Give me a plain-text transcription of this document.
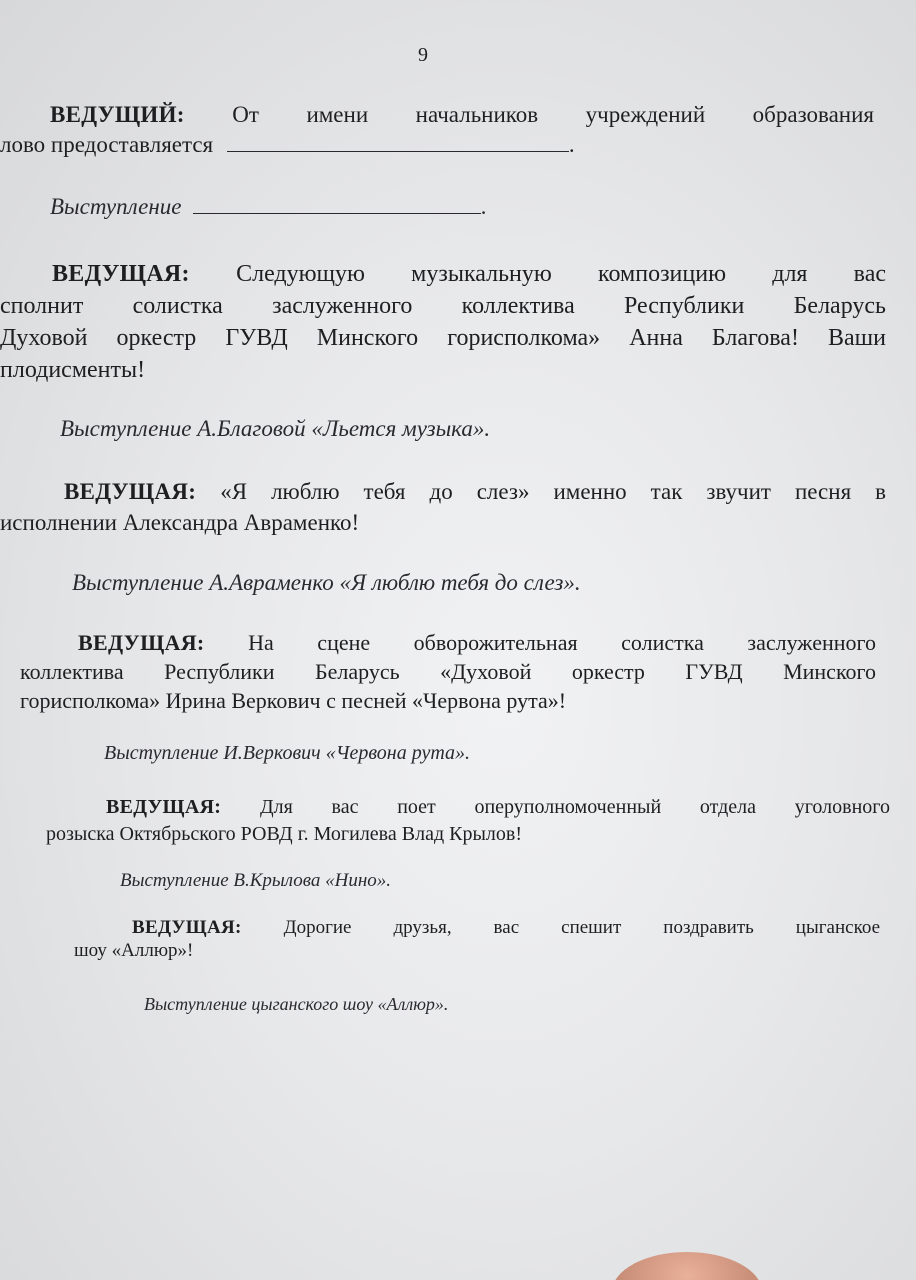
9
ВЕДУЩИЙ: От имени начальников учреждений образования
лово предоставляется	.
Выступление	.
ВЕДУЩАЯ: Следующую музыкальную композицию для вас
сполнит солистка заслуженного коллектива Республики Беларусь
Духовой оркестр ГУВД Минского горисполкома» Анна Благова! Ваши
плодисменты!
Выступление А.Благовой «Льется музыка».
ВЕДУЩАЯ: «Я люблю тебя до слез» именно так звучит песня в
исполнении Александра Авраменко!
Выступление А.Авраменко «Я люблю тебя до слез».
ВЕДУЩАЯ: На сцене обворожительная солистка заслуженного
коллектива Республики Беларусь «Духовой оркестр ГУВД Минского
горисполкома» Ирина Веркович с песней «Червона рута»!
Выступление И.Веркович «Червона рута».
ВЕДУЩАЯ: Для вас поет оперуполномоченный отдела уголовного
розыска Октябрьского РОВД г. Могилева Влад Крылов!
Выступление В.Крылова «Нино».
ВЕДУЩАЯ: Дорогие друзья, вас спешит поздравить цыганское
шоу «Аллюр»!
Выступление цыганского шоу «Аллюр».
